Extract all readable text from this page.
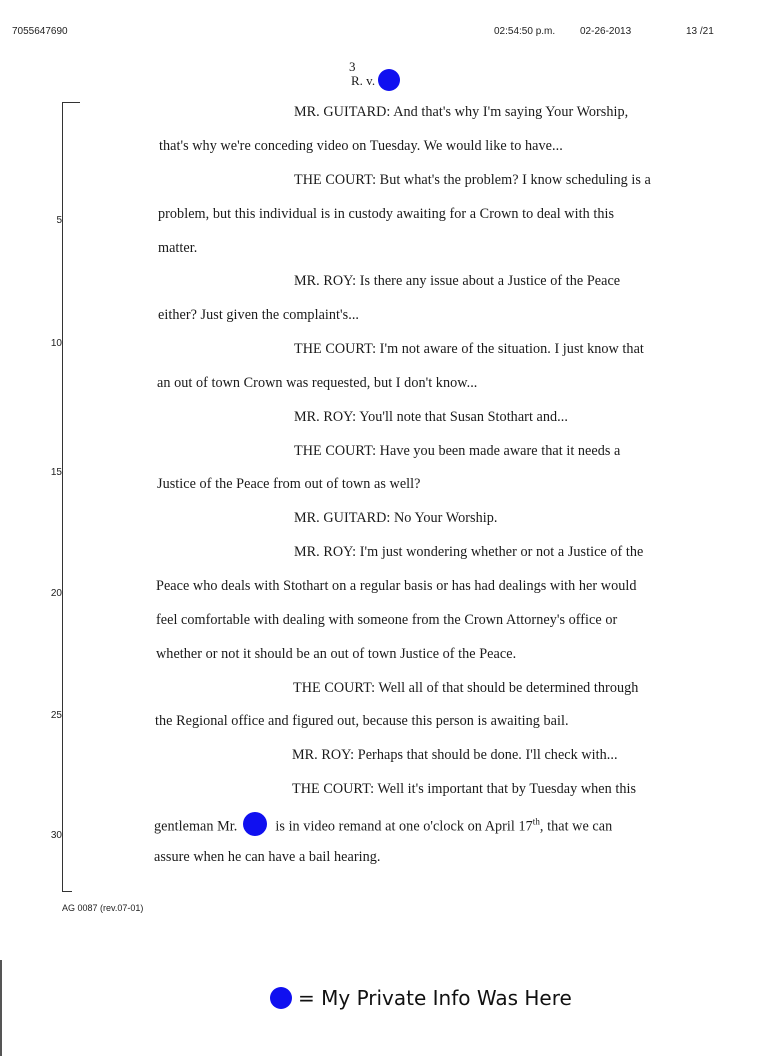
7055647690	02:54:50 p.m. 02-26-2013	13 /21
3
R. v.
5
10
15
20
25
30
AG 0087 (rev.07-01)
MR. GUITARD: And that's why I'm saying Your Worship,
that's why we're conceding video on Tuesday. We would like to have...
THE COURT: But what's the problem? I know scheduling is a
problem, but this individual is in custody awaiting for a Crown to deal with this
matter.
MR. ROY: Is there any issue about a Justice of the Peace
either? Just given the complaint's...
THE COURT: I'm not aware of the situation. I just know that
an out of town Crown was requested, but I don't know...
MR. ROY: You'll note that Susan Stothart and...
THE COURT: Have you been made aware that it needs a
Justice of the Peace from out of town as well?
MR. GUITARD: No Your Worship.
MR. ROY: I'm just wondering whether or not a Justice of the
Peace who deals with Stothart on a regular basis or has had dealings with her would
feel comfortable with dealing with someone from the Crown Attorney's office or
whether or not it should be an out of town Justice of the Peace.
THE COURT: Well all of that should be determined through
the Regional office and figured out, because this person is awaiting bail.
MR. ROY: Perhaps that should be done. I'll check with...
THE COURT: Well it's important that by Tuesday when this
gentleman Mr.	is in video remand at one o'clock on April 17th, that we can
assure when he can have a bail hearing.
= My Private Info Was Here
